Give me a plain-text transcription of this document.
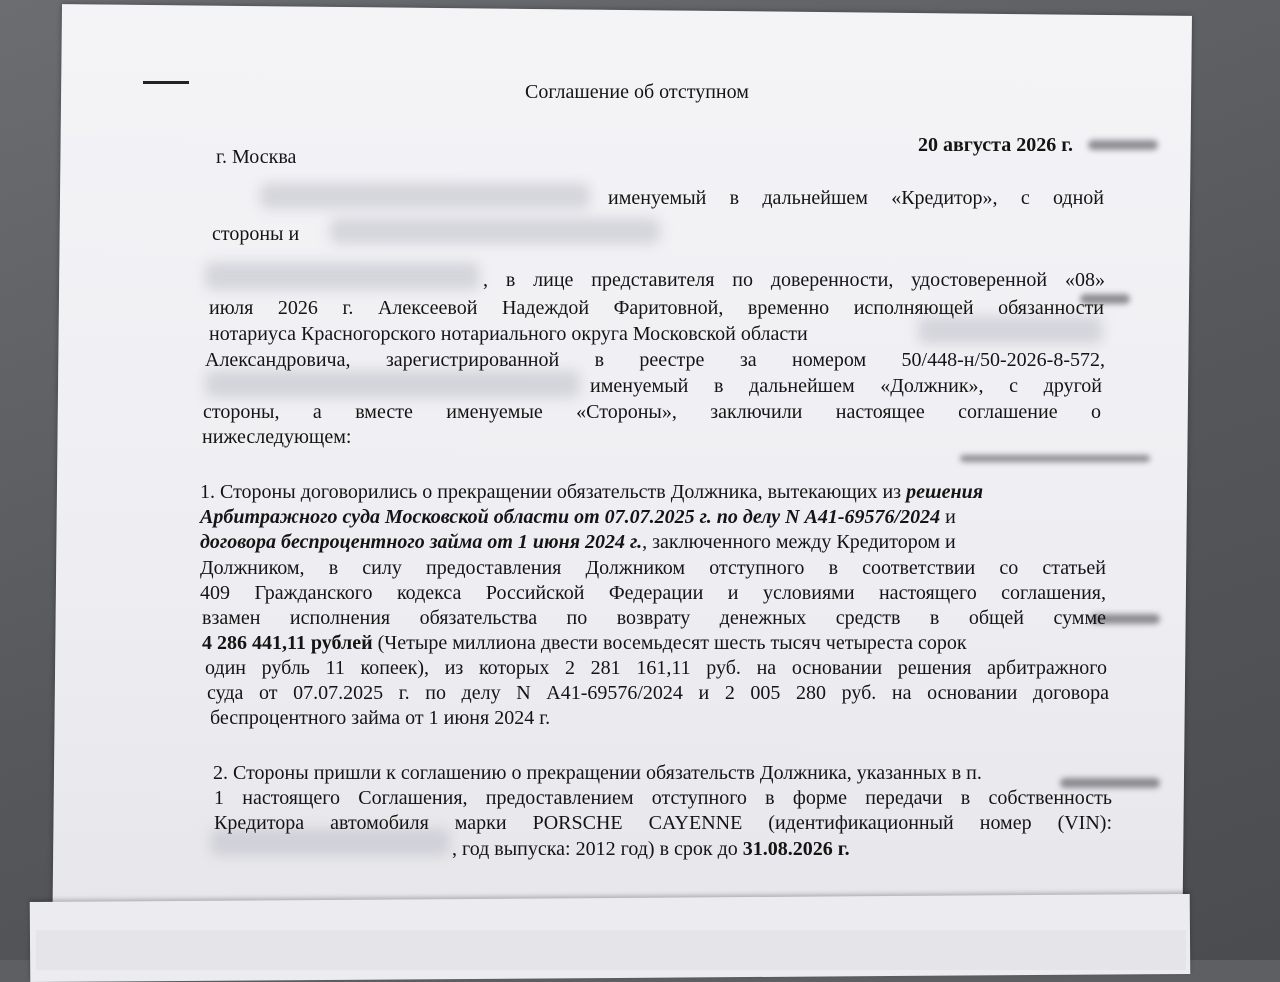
Соглашение об отступном
г. Москва
20 августа 2026 г.
именуемый в дальнейшем «Кредитор», с одной
стороны и
, в лице представителя по доверенности, удостоверенной «08»
июля 2026 г. Алексеевой Надеждой Фаритовной, временно исполняющей обязанности
нотариуса Красногорского нотариального округа Московской области
Александровича, зарегистрированной в реестре за номером 50/448-н/50-2026-8-572,
именуемый в дальнейшем «Должник», с другой
стороны, а вместе именуемые «Стороны», заключили настоящее соглашение о
нижеследующем:
1. Стороны договорились о прекращении обязательств Должника, вытекающих из решения
Арбитражного суда Московской области от 07.07.2025 г. по делу N А41-69576/2024 и
договора беспроцентного займа от 1 июня 2024 г., заключенного между Кредитором и
Должником, в силу предоставления Должником отступного в соответствии со статьей
409 Гражданского кодекса Российской Федерации и условиями настоящего соглашения,
взамен исполнения обязательства по возврату денежных средств в общей сумме
4 286 441,11 рублей (Четыре миллиона двести восемьдесят шесть тысяч четыреста сорок
один рубль 11 копеек), из которых 2 281 161,11 руб. на основании решения арбитражного
суда от 07.07.2025 г. по делу N А41-69576/2024 и 2 005 280 руб. на основании договора
беспроцентного займа от 1 июня 2024 г.
2. Стороны пришли к соглашению о прекращении обязательств Должника, указанных в п.
1 настоящего Соглашения, предоставлением отступного в форме передачи в собственность
Кредитора автомобиля марки PORSCHE CAYENNE (идентификационный номер (VIN):
, год выпуска: 2012 год) в срок до 31.08.2026 г.
